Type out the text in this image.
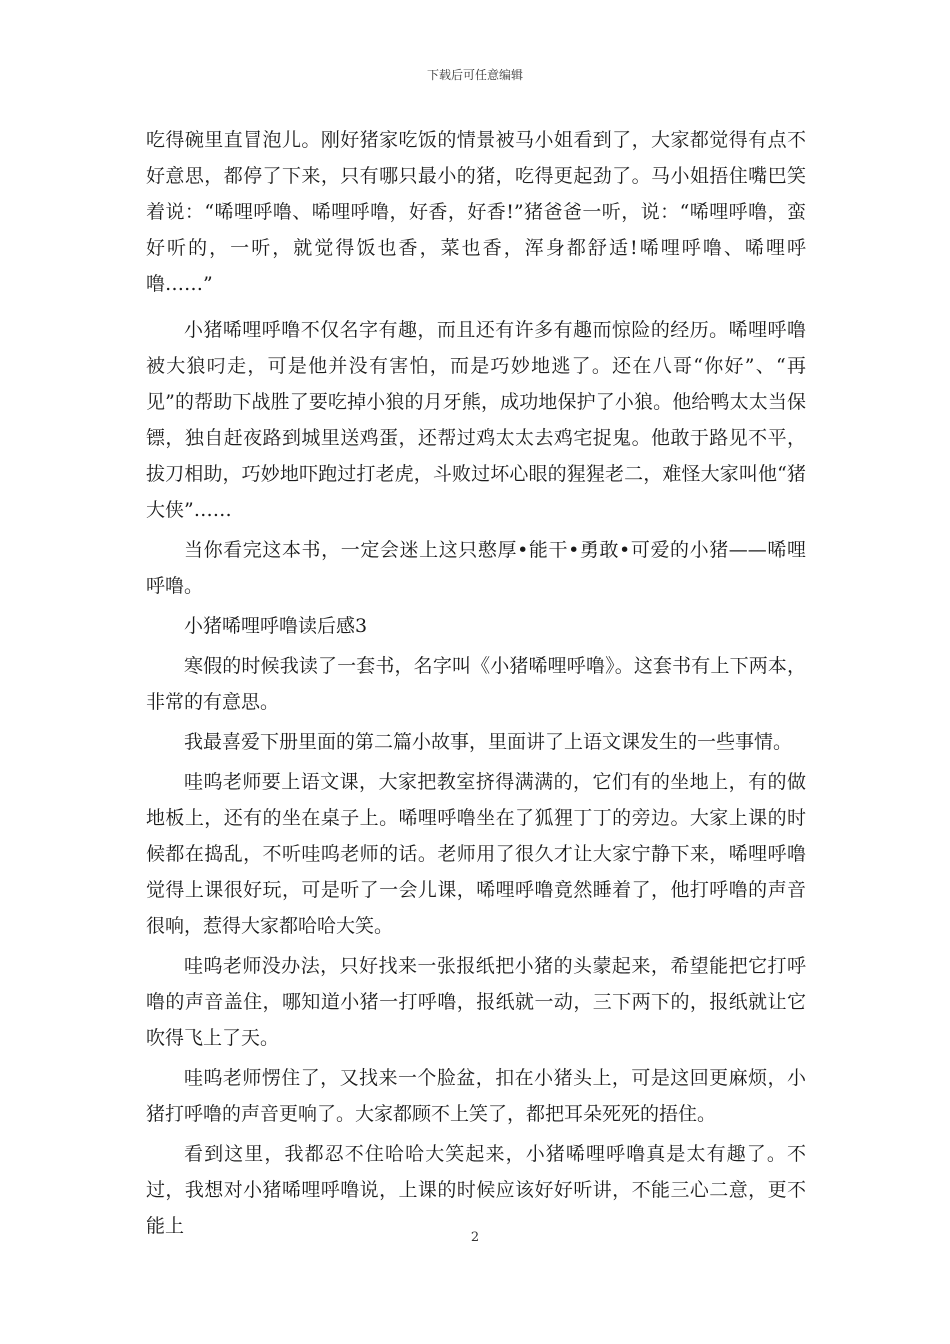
下载后可任意编辑

吃得碗里直冒泡儿。刚好猪家吃饭的情景被马小姐看到了，大家都觉得有点不好意思，都停了下来，只有哪只最小的猪，吃得更起劲了。马小姐捂住嘴巴笑着说：“唏哩呼噜、唏哩呼噜，好香，好香!”猪爸爸一听，说：“唏哩呼噜，蛮好听的，一听，就觉得饭也香，菜也香，浑身都舒适!唏哩呼噜、唏哩呼噜……”

小猪唏哩呼噜不仅名字有趣，而且还有许多有趣而惊险的经历。唏哩呼噜被大狼叼走，可是他并没有害怕，而是巧妙地逃了。还在八哥“你好”、“再见”的帮助下战胜了要吃掉小狼的月牙熊，成功地保护了小狼。他给鸭太太当保镖，独自赶夜路到城里送鸡蛋，还帮过鸡太太去鸡宅捉鬼。他敢于路见不平，拔刀相助，巧妙地吓跑过打老虎，斗败过坏心眼的猩猩老二，难怪大家叫他“猪大侠”……

当你看完这本书，一定会迷上这只憨厚•能干•勇敢•可爱的小猪——唏哩呼噜。

小猪唏哩呼噜读后感3

寒假的时候我读了一套书，名字叫《小猪唏哩呼噜》。这套书有上下两本，非常的有意思。

我最喜爱下册里面的第二篇小故事，里面讲了上语文课发生的一些事情。

哇呜老师要上语文课，大家把教室挤得满满的，它们有的坐地上，有的做地板上，还有的坐在桌子上。唏哩呼噜坐在了狐狸丁丁的旁边。大家上课的时候都在捣乱，不听哇呜老师的话。老师用了很久才让大家宁静下来，唏哩呼噜觉得上课很好玩，可是听了一会儿课，唏哩呼噜竟然睡着了，他打呼噜的声音很响，惹得大家都哈哈大笑。

哇呜老师没办法，只好找来一张报纸把小猪的头蒙起来，希望能把它打呼噜的声音盖住，哪知道小猪一打呼噜，报纸就一动，三下两下的，报纸就让它吹得飞上了天。

哇呜老师愣住了，又找来一个脸盆，扣在小猪头上，可是这回更麻烦，小猪打呼噜的声音更响了。大家都顾不上笑了，都把耳朵死死的捂住。

看到这里，我都忍不住哈哈大笑起来，小猪唏哩呼噜真是太有趣了。不过，我想对小猪唏哩呼噜说，上课的时候应该好好听讲，不能三心二意，更不能上

2
